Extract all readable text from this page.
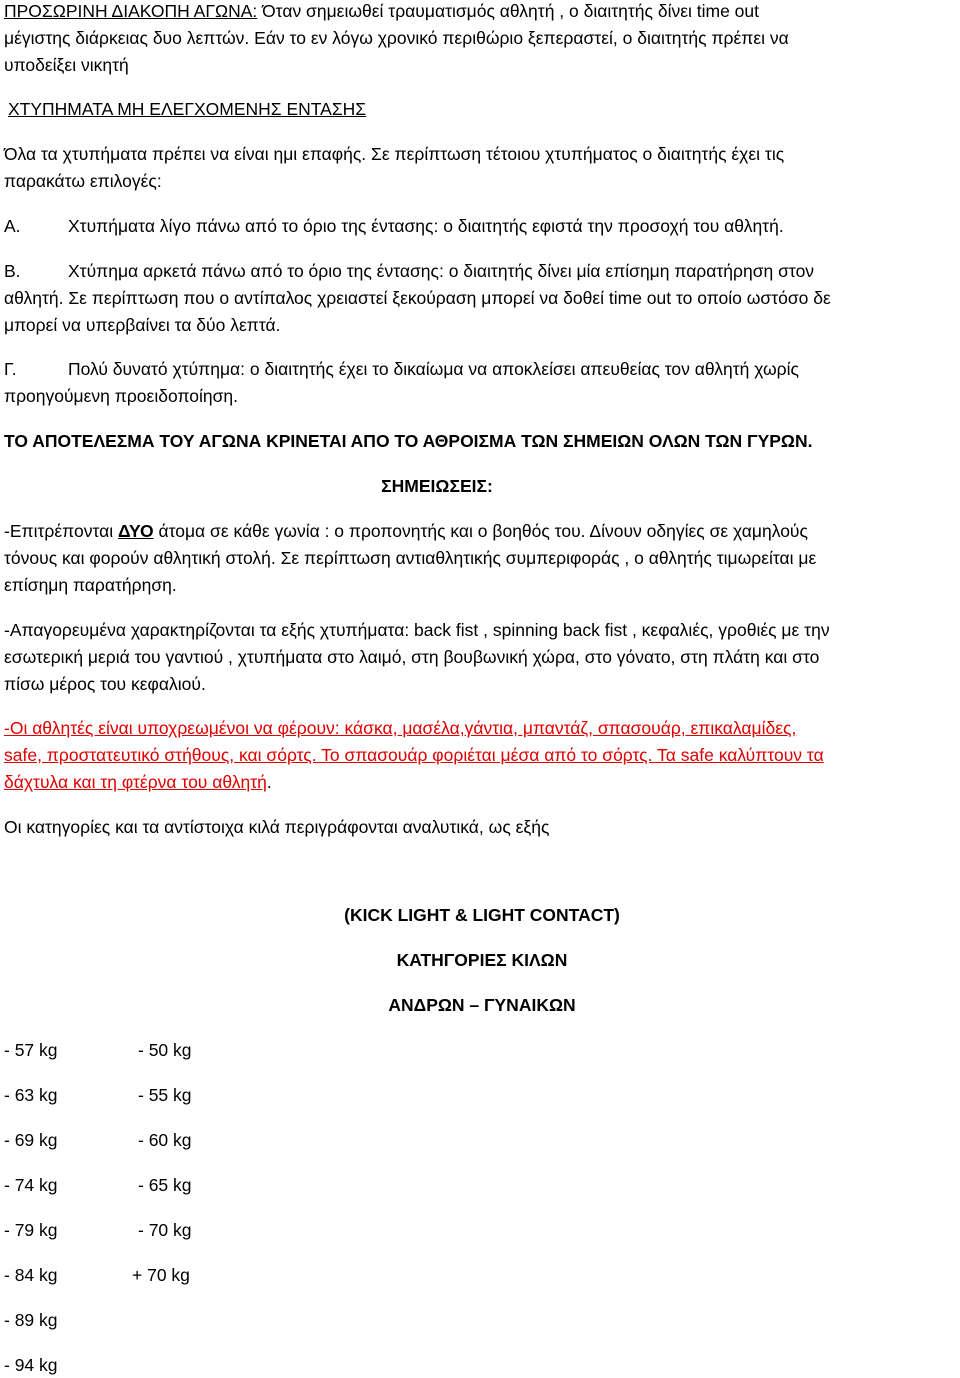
ΠΡΟΣΩΡΙΝΗ ΔΙΑΚΟΠΗ ΑΓΩΝΑ: Όταν σημειωθεί τραυματισμός αθλητή , ο διαιτητής δίνει time out
μέγιστης διάρκειας δυο λεπτών. Εάν το εν λόγω χρονικό περιθώριο ξεπεραστεί, ο διαιτητής πρέπει να
υποδείξει νικητή
ΧΤΥΠΗΜΑΤΑ ΜΗ ΕΛΕΓΧΟΜΕΝΗΣ ΕΝΤΑΣΗΣ
Όλα τα χτυπήματα πρέπει να είναι ημι επαφής. Σε περίπτωση τέτοιου χτυπήματος ο διαιτητής έχει τις
παρακάτω επιλογές:
Α.	Χτυπήματα λίγο πάνω από το όριο της έντασης: ο διαιτητής εφιστά την προσοχή του αθλητή.
Β.	Χτύπημα αρκετά πάνω από το όριο της έντασης: ο διαιτητής δίνει μία επίσημη παρατήρηση στον
αθλητή. Σε περίπτωση που ο αντίπαλος χρειαστεί ξεκούραση μπορεί να δοθεί time out το οποίο ωστόσο δε
μπορεί να υπερβαίνει τα δύο λεπτά.
Γ.	Πολύ δυνατό χτύπημα: ο διαιτητής έχει το δικαίωμα να αποκλείσει απευθείας τον αθλητή χωρίς
προηγούμενη προειδοποίηση.
ΤΟ ΑΠΟΤΕΛΕΣΜΑ ΤΟΥ ΑΓΩΝΑ ΚΡΙΝΕΤΑΙ ΑΠΟ ΤΟ ΑΘΡΟΙΣΜΑ ΤΩΝ ΣΗΜΕΙΩΝ ΟΛΩΝ ΤΩΝ ΓΥΡΩΝ.
ΣΗΜΕΙΩΣΕΙΣ:
-Επιτρέπονται ΔΥΟ άτομα σε κάθε γωνία : ο προπονητής και ο βοηθός του. Δίνουν οδηγίες σε χαμηλούς
τόνους και φορούν αθλητική στολή. Σε περίπτωση αντιαθλητικής συμπεριφοράς , ο αθλητής τιμωρείται με
επίσημη παρατήρηση.
-Απαγορευμένα χαρακτηρίζονται τα εξής χτυπήματα: back fist , spinning back fist , κεφαλιές, γροθιές με την
εσωτερική μεριά του γαντιού , χτυπήματα στο λαιμό, στη βουβωνική χώρα, στο γόνατο, στη πλάτη και στο
πίσω μέρος του κεφαλιού.
-Οι αθλητές είναι υποχρεωμένοι να φέρουν: κάσκα, μασέλα,γάντια, μπαντάζ, σπασουάρ, επικαλαμίδες,
safe, προστατευτικό στήθους, και σόρτς. Το σπασουάρ φοριέται μέσα από το σόρτς. Τα safe καλύπτουν τα
δάχτυλα και τη φτέρνα του αθλητή.
Οι κατηγορίες και τα αντίστοιχα κιλά περιγράφονται αναλυτικά, ως εξής
(KICK LIGHT & LIGHT CONTACT)
ΚΑΤΗΓΟΡΙΕΣ ΚΙΛΩΝ
ΑΝΔΡΩΝ – ΓΥΝΑΙΚΩΝ
- 57 kg	- 50 kg
- 63 kg	- 55 kg
- 69 kg	- 60 kg
- 74 kg	- 65 kg
- 79 kg	- 70 kg
- 84 kg	+ 70 kg
- 89 kg
- 94 kg
